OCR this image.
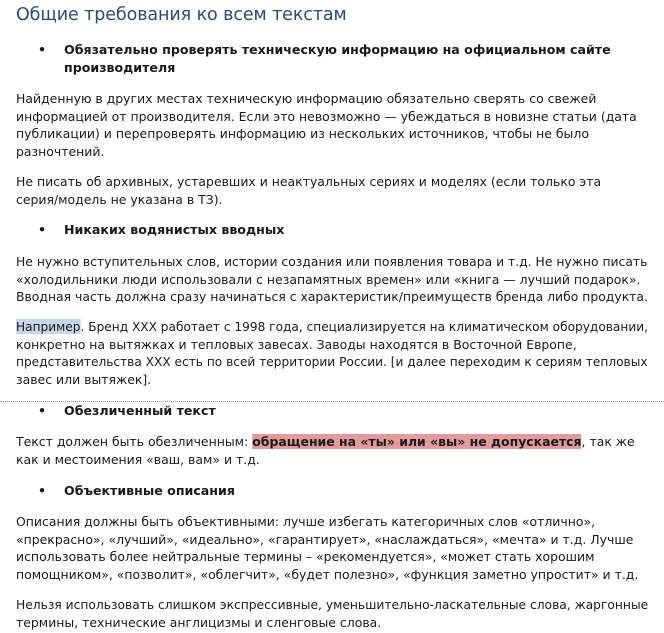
Общие требования ко всем текстам
• Обязательно проверять техническую информацию на официальном сайте
производителя
Найденную в других местах техническую информацию обязательно сверять со свежей
информацией от производителя. Если это невозможно — убеждаться в новизне статьи (дата
публикации) и перепроверять информацию из нескольких источников, чтобы не было
разночтений.
Не писать об архивных, устаревших и неактуальных сериях и моделях (если только эта
серия/модель не указана в ТЗ).
• Никаких водянистых вводных
Не нужно вступительных слов, истории создания или появления товара и т.д. Не нужно писать
«холодильники люди использовали с незапамятных времен» или «книга — лучший подарок».
Вводная часть должна сразу начинаться с характеристик/преимуществ бренда либо продукта.
Например. Бренд ХХХ работает с 1998 года, специализируется на климатическом оборудовании,
конкретно на вытяжках и тепловых завесах. Заводы находятся в Восточной Европе,
представительства ХХХ есть по всей территории России. [и далее переходим к сериям тепловых
завес или вытяжек].
• Обезличенный текст
Текст должен быть обезличенным: обращение на «ты» или «вы» не допускается, так же
как и местоимения «ваш, вам» и т.д.
• Объективные описания
Описания должны быть объективными: лучше избегать категоричных слов «отлично»,
«прекрасно», «лучший», «идеально», «гарантирует», «наслаждаться», «мечта» и т.д. Лучше
использовать более нейтральные термины – «рекомендуется», «может стать хорошим
помощником», «позволит», «облегчит», «будет полезно», «функция заметно упростит» и т.д.
Нельзя использовать слишком экспрессивные, уменьшительно-ласкательные слова, жаргонные
термины, технические англицизмы и сленговые слова.
